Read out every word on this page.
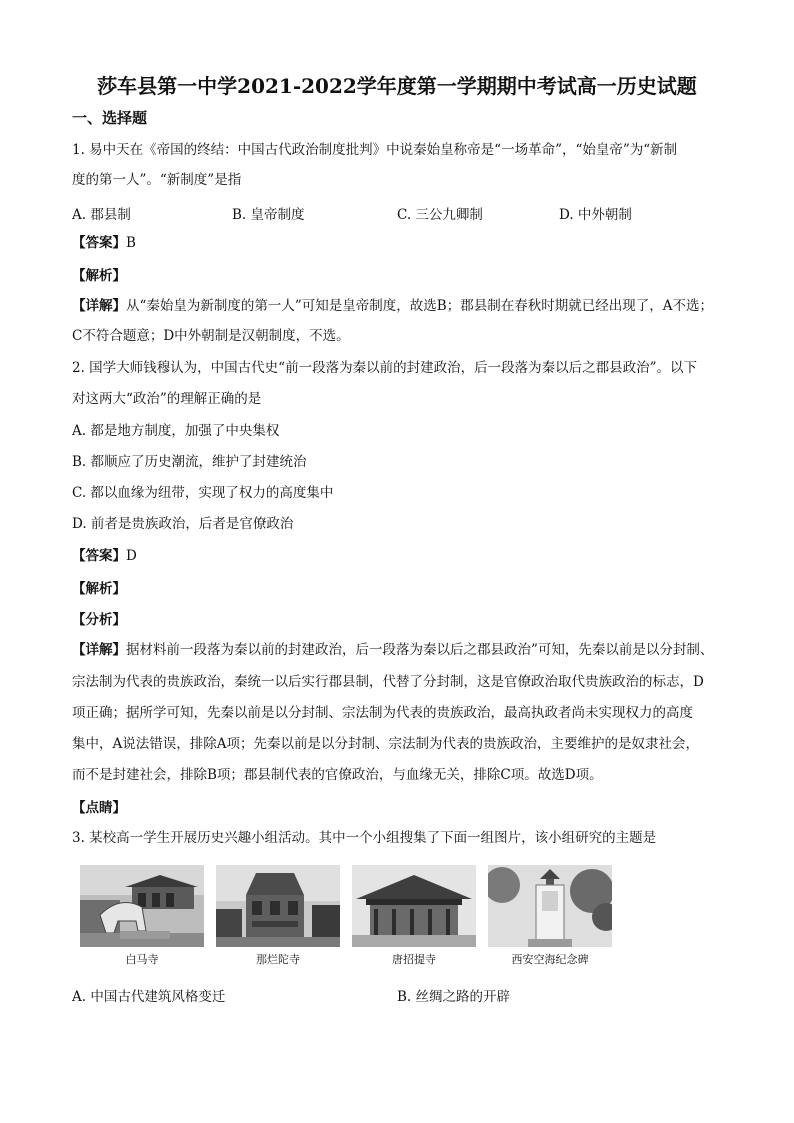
莎车县第一中学2021-2022学年度第一学期期中考试高一历史试题
一、选择题
1. 易中天在《帝国的终结：中国古代政治制度批判》中说秦始皇称帝是“一场革命”，“始皇帝”为“新制
度的第一人”。“新制度”是指
A. 郡县制	B. 皇帝制度	C. 三公九卿制	D. 中外朝制
【答案】B
【解析】
【详解】从“秦始皇为新制度的第一人”可知是皇帝制度，故选B；郡县制在春秋时期就已经出现了，A不选；
C不符合题意；D中外朝制是汉朝制度，不选。
2. 国学大师钱穆认为，中国古代史“前一段落为秦以前的封建政治，后一段落为秦以后之郡县政治”。以下
对这两大“政治”的理解正确的是
A. 都是地方制度，加强了中央集权
B. 都顺应了历史潮流，维护了封建统治
C. 都以血缘为纽带，实现了权力的高度集中
D. 前者是贵族政治，后者是官僚政治
【答案】D
【解析】
【分析】
【详解】据材料前一段落为秦以前的封建政治，后一段落为秦以后之郡县政治”可知，先秦以前是以分封制、
宗法制为代表的贵族政治，秦统一以后实行郡县制，代替了分封制，这是官僚政治取代贵族政治的标志，D
项正确；据所学可知，先秦以前是以分封制、宗法制为代表的贵族政治，最高执政者尚未实现权力的高度
集中，A说法错误，排除A项；先秦以前是以分封制、宗法制为代表的贵族政治，主要维护的是奴隶社会，
而不是封建社会，排除B项；郡县制代表的官僚政治，与血缘无关，排除C项。故选D项。
【点睛】
3. 某校高一学生开展历史兴趣小组活动。其中一个小组搜集了下面一组图片，该小组研究的主题是
白马寺	那烂陀寺	唐招提寺	西安空海纪念碑
A. 中国古代建筑风格变迁	B. 丝绸之路的开辟
